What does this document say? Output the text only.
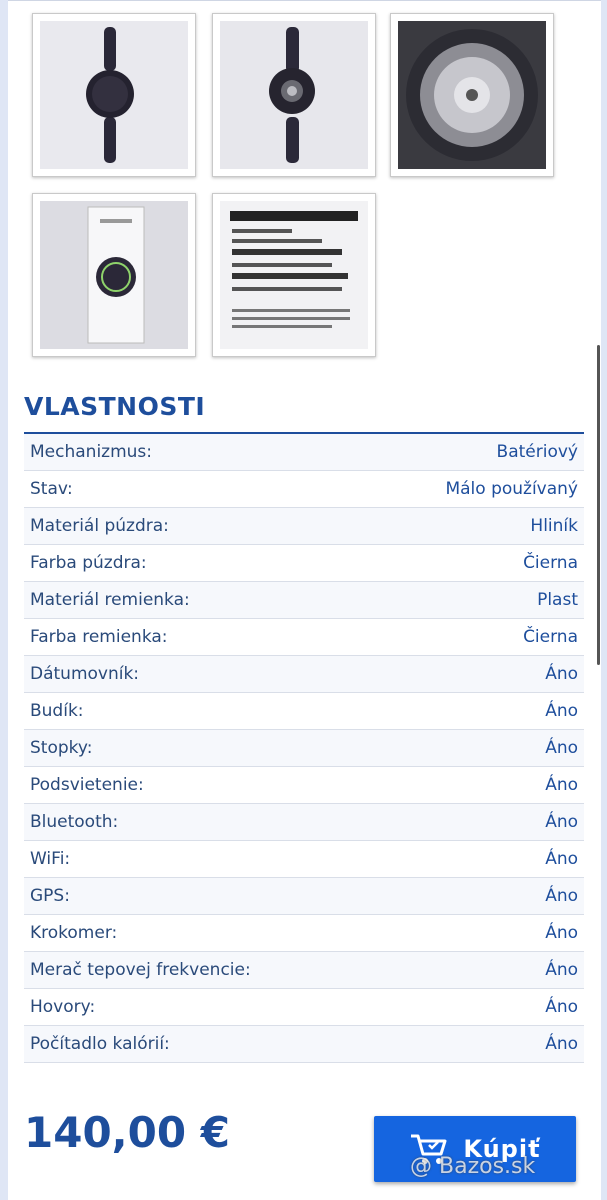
VLASTNOSTI
Mechanizmus:	Batériový
Stav:	Málo používaný
Materiál púzdra:	Hliník
Farba púzdra:	Čierna
Materiál remienka:	Plast
Farba remienka:	Čierna
Dátumovník:	Áno
Budík:	Áno
Stopky:	Áno
Podsvietenie:	Áno
Bluetooth:	Áno
WiFi:	Áno
GPS:	Áno
Krokomer:	Áno
Merač tepovej frekvencie:	Áno
Hovory:	Áno
Počítadlo kalórií:	Áno
140,00 €	Kúpiť
@ Bazos.sk
